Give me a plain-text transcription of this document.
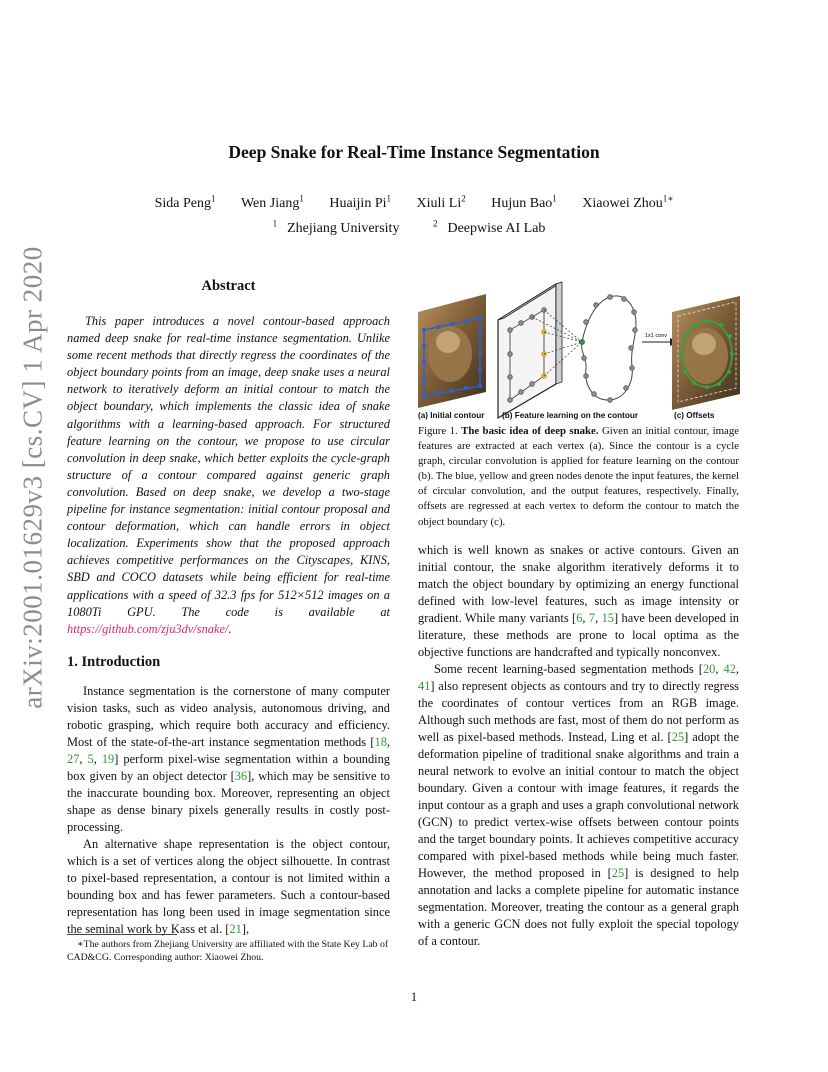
Deep Snake for Real-Time Instance Segmentation
Sida Peng$^1$ Wen Jiang$^1$ Huaijin Pi$^1$ Xiuli Li$^2$ Hujun Bao$^1$ Xiaowei Zhou$^{1∗}$
$^1$ Zhejiang University	$^2$ Deepwise AI Lab
arXiv:2001.01629v3 [cs.CV] 1 Apr 2020	Abstract
This paper introduces a novel contour-based approach named deep snake for real-time instance segmentation. Unlike some recent methods that directly regress the coordinates of the object boundary points from an image, deep snake uses a neural network to iteratively deform an initial contour to match the object boundary, which implements the classic idea of snake algorithms with a learning-based approach. For structured feature learning on the contour, we propose to use circular convolution in deep snake, which better exploits the cycle-graph structure of a contour compared against generic graph convolution. Based on deep snake, we develop a two-stage pipeline for instance segmentation: initial contour proposal and contour deformation, which can handle errors in object localization. Experiments show that the proposed approach achieves competitive performances on the Cityscapes, KINS, SBD and COCO datasets while being efficient for real-time applications with a speed of 32.3 fps for 512×512 images on a 1080Ti GPU. The code is available at https://github.com/zju3dv/snake/.
1. Introduction

Instance segmentation is the cornerstone of many computer vision tasks, such as video analysis, autonomous driving, and robotic grasping, which require both accuracy and efficiency. Most of the state-of-the-art instance segmentation methods [18, 27, 5, 19] perform pixel-wise segmentation within a bounding box given by an object detector [36], which may be sensitive to the inaccurate bounding box. Moreover, representing an object shape as dense binary pixels generally results in costly post-processing.

An alternative shape representation is the object contour, which is a set of vertices along the object silhouette. In contrast to pixel-based representation, a contour is not limited within a bounding box and has fewer parameters. Such a contour-based representation has long been used in image segmentation since the seminal work by Kass et al. [21],

∗The authors from Zhejiang University are affiliated with the State Key Lab of CAD&CG. Corresponding author: Xiaowei Zhou.
1x1 conv
(a) Initial contour (b) Feature learning on the contour	(c) Offsets
Figure 1. The basic idea of deep snake. Given an initial contour, image features are extracted at each vertex (a). Since the contour is a cycle graph, circular convolution is applied for feature learning on the contour (b). The blue, yellow and green nodes denote the input features, the kernel of circular convolution, and the output features, respectively. Finally, offsets are regressed at each vertex to deform the contour to match the object boundary (c).

which is well known as snakes or active contours. Given an initial contour, the snake algorithm iteratively deforms it to match the object boundary by optimizing an energy functional defined with low-level features, such as image intensity or gradient. While many variants [6, 7, 15] have been developed in literature, these methods are prone to local optima as the objective functions are handcrafted and typically nonconvex.

Some recent learning-based segmentation methods [20, 42, 41] also represent objects as contours and try to directly regress the coordinates of contour vertices from an RGB image. Although such methods are fast, most of them do not perform as well as pixel-based methods. Instead, Ling et al. [25] adopt the deformation pipeline of traditional snake algorithms and train a neural network to evolve an initial contour to match the object boundary. Given a contour with image features, it regards the input contour as a graph and uses a graph convolutional network (GCN) to predict vertex-wise offsets between contour points and the target boundary points. It achieves competitive accuracy compared with pixel-based methods while being much faster. However, the method proposed in [25] is designed to help annotation and lacks a complete pipeline for automatic instance segmentation. Moreover, treating the contour as a general graph with a generic GCN does not fully exploit the special topology of a contour.

1
